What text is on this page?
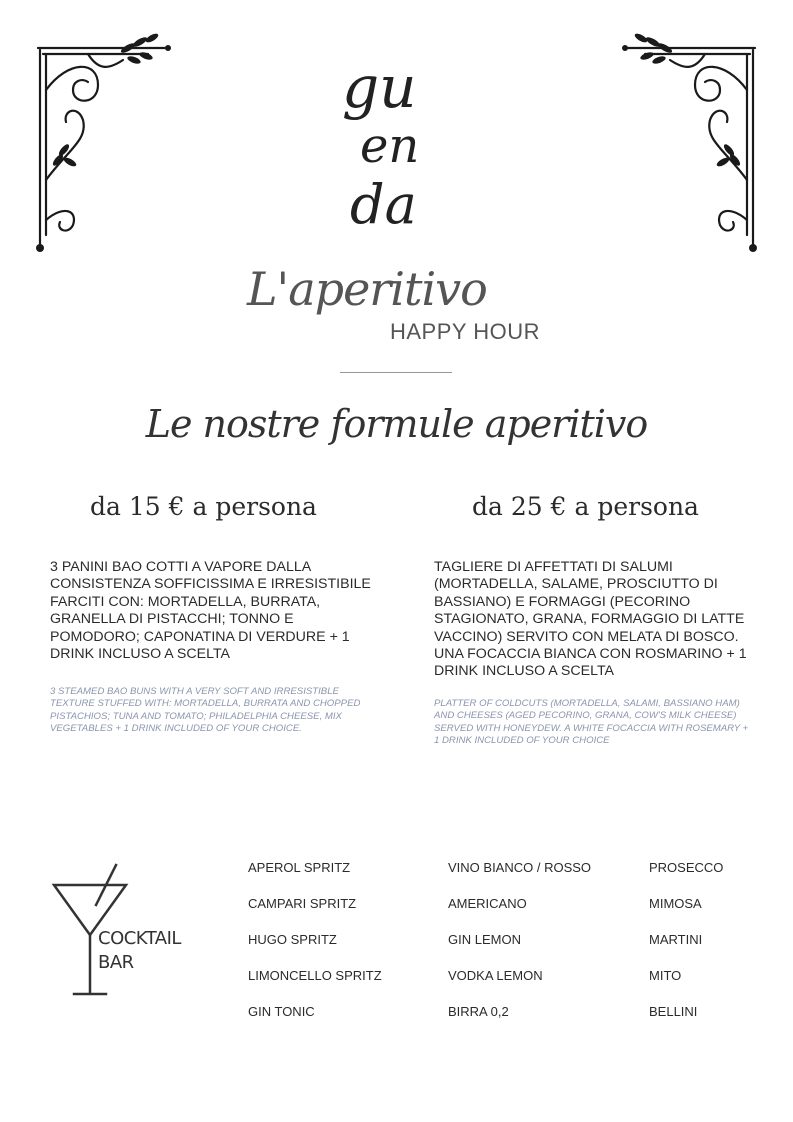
gu
en
da
L'aperitivo
HAPPY HOUR
Le nostre formule aperitivo
da 15 € a persona
3 PANINI BAO COTTI A VAPORE DALLA CONSISTENZA SOFFICISSIMA E IRRESISTIBILE FARCITI CON: MORTADELLA, BURRATA, GRANELLA DI PISTACCHI; TONNO E POMODORO; CAPONATINA DI VERDURE + 1 DRINK INCLUSO A SCELTA
3 STEAMED BAO BUNS WITH A VERY SOFT AND IRRESISTIBLE TEXTURE STUFFED WITH: MORTADELLA, BURRATA AND CHOPPED PISTACHIOS; TUNA AND TOMATO; PHILADELPHIA CHEESE, MIX VEGETABLES + 1 DRINK INCLUDED OF YOUR CHOICE.
da 25 € a persona
TAGLIERE DI AFFETTATI DI SALUMI (MORTADELLA, SALAME, PROSCIUTTO DI BASSIANO) E FORMAGGI (PECORINO STAGIONATO, GRANA, FORMAGGIO DI LATTE VACCINO) SERVITO CON MELATA DI BOSCO. UNA FOCACCIA BIANCA CON ROSMARINO + 1 DRINK INCLUSO A SCELTA
PLATTER OF COLDCUTS (MORTADELLA, SALAMI, BASSIANO HAM) AND CHEESES (AGED PECORINO, GRANA, COW'S MILK CHEESE) SERVED WITH HONEYDEW. A WHITE FOCACCIA WITH ROSEMARY + 1 DRINK INCLUDED OF YOUR CHOICE
COCKTAIL
BAR
APEROL SPRITZ
CAMPARI SPRITZ
HUGO SPRITZ
LIMONCELLO SPRITZ
GIN TONIC
VINO BIANCO / ROSSO
AMERICANO
GIN LEMON
VODKA LEMON
BIRRA 0,2
PROSECCO
MIMOSA
MARTINI
MITO
BELLINI
